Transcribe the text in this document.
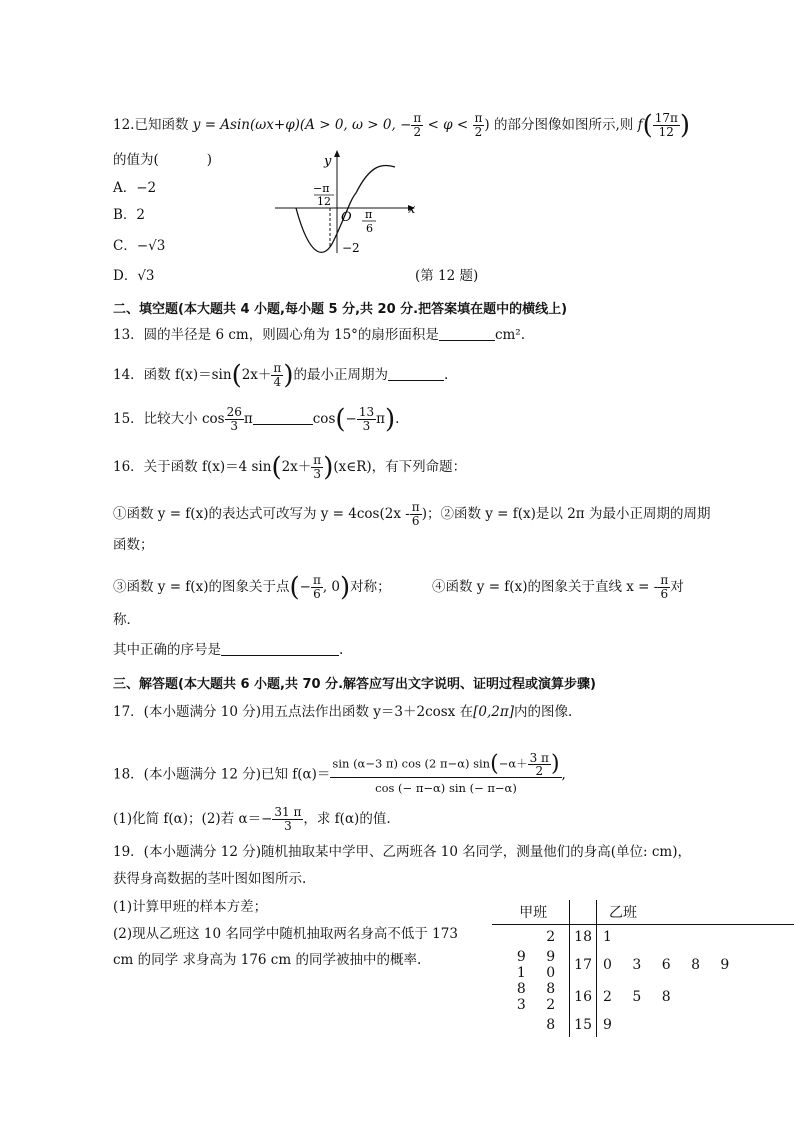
12.已知函数 y = Asin(ωx+φ)(A > 0, ω > 0, − $\frac{\pi}{2} < \varphi < \frac{\pi}{2}$ ) 的部分图像如图所示,则 $f( \frac{17\pi}{12}$ )
的值为(	)
A．−2
B．2
C．−√3
D．√3
y
x
O
−π
12
π
6
−2
(第 12 题)
二、填空题(本大题共 4 小题,每小题 5 分,共 20 分.把答案填在题中的横线上)
13．圆的半径是 6 cm，则圆心角为 15°的扇形面积是	cm².
14．函数 $f(x)=\sin(2x+ \frac{\pi}{4}$ )的最小正周期为	.
15．比较大小 $\cos \frac{26}{3}$ π	$\cos(- \frac{13}{3} \pi)$.
16．关于函数 f(x)＝4 $\sin(2x+ \frac{\pi}{3}$ )(x∈R)，有下列命题：
①函数 y = f(x)的表达式可改写为 $y = 4\cos(2x - \frac{\pi}{6}$ )；②函数 y = f(x)是以 2π 为最小正周期的周期
函数；
③函数 y = f(x)的图象关于点(− $\frac{\pi}{6}$ , 0)对称；	④函数 y = f(x)的图象关于直线 x = - $\frac{\pi}{6}$ 对
称．
其中正确的序号是	.
三、解答题(本大题共 6 小题,共 70 分.解答应写出文字说明、证明过程或演算步骤)
17．(本小题满分 10 分)用五点法作出函数 y＝3＋2cosx 在[0,2π]内的图像.
18．(本小题满分 12 分)已知 $f(\alpha)= \frac{\sin (\alpha-3 \pi) \cos (2 \pi-\alpha) \sin(-\alpha+ \frac{3 \pi}{2} )}{\cos (- \pi-\alpha) \sin (- \pi-\alpha)}$ ,
(1)化简 f(α)；(2)若 $\alpha=- \frac{31 \pi}{3}$ ，求 f(α)的值.
19．(本小题满分 12 分)随机抽取某中学甲、乙两班各 10 名同学，测量他们的身高(单位: cm)，
获得身高数据的茎叶图如图所示.
(1)计算甲班的样本方差；
(2)现从乙班这 10 名同学中随机抽取两名身高不低于 173
cm 的同学 求身高为 176 cm 的同学被抽中的概率.
甲班		乙班
2	18	1
9 9 1 0	17	0 3 6 8 9
8 8 3 2	16	2 5 8
8	15	9
